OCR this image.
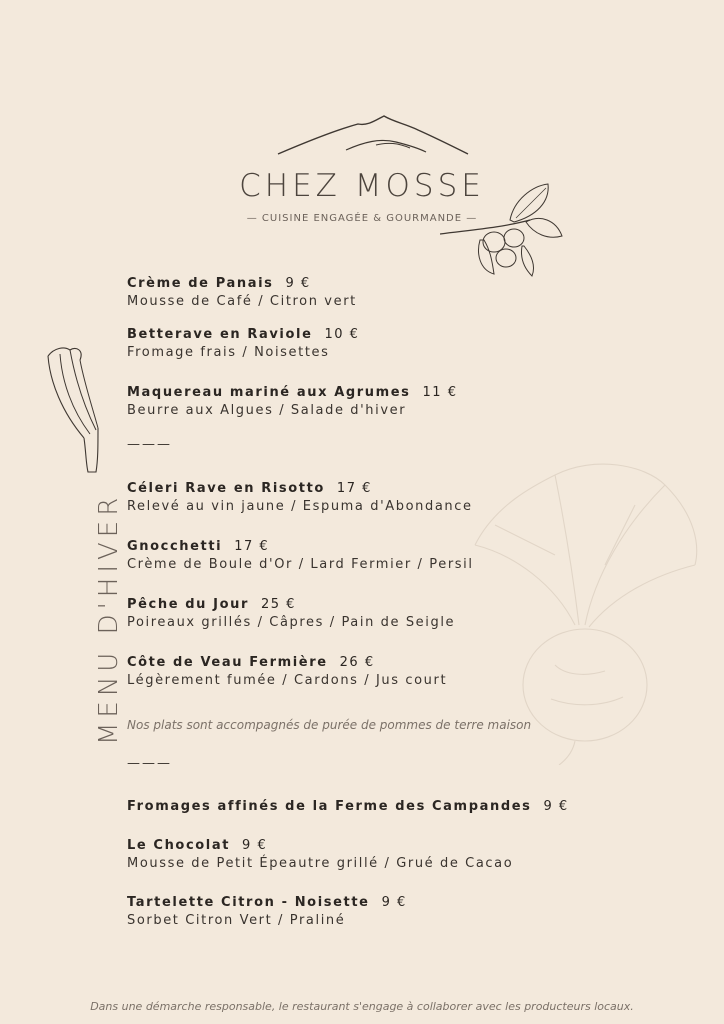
CHEZ MOSSE
— CUISINE ENGAGÉE & GOURMANDE —
MENU D'HIVER
Crème de Panais 9 €
Mousse de Café / Citron vert
Betterave en Raviole 10 €
Fromage frais / Noisettes
Maquereau mariné aux Agrumes 11 €
Beurre aux Algues / Salade d'hiver
———
Céleri Rave en Risotto 17 €
Relevé au vin jaune / Espuma d'Abondance
Gnocchetti 17 €
Crème de Boule d'Or / Lard Fermier / Persil
Pêche du Jour 25 €
Poireaux grillés / Câpres / Pain de Seigle
Côte de Veau Fermière 26 €
Légèrement fumée / Cardons / Jus court
Nos plats sont accompagnés de purée de pommes de terre maison
———
Fromages affinés de la Ferme des Campandes 9 €
Le Chocolat 9 €
Mousse de Petit Épeautre grillé / Grué de Cacao
Tartelette Citron - Noisette 9 €
Sorbet Citron Vert / Praliné
Dans une démarche responsable, le restaurant s'engage à collaborer avec les producteurs locaux.
